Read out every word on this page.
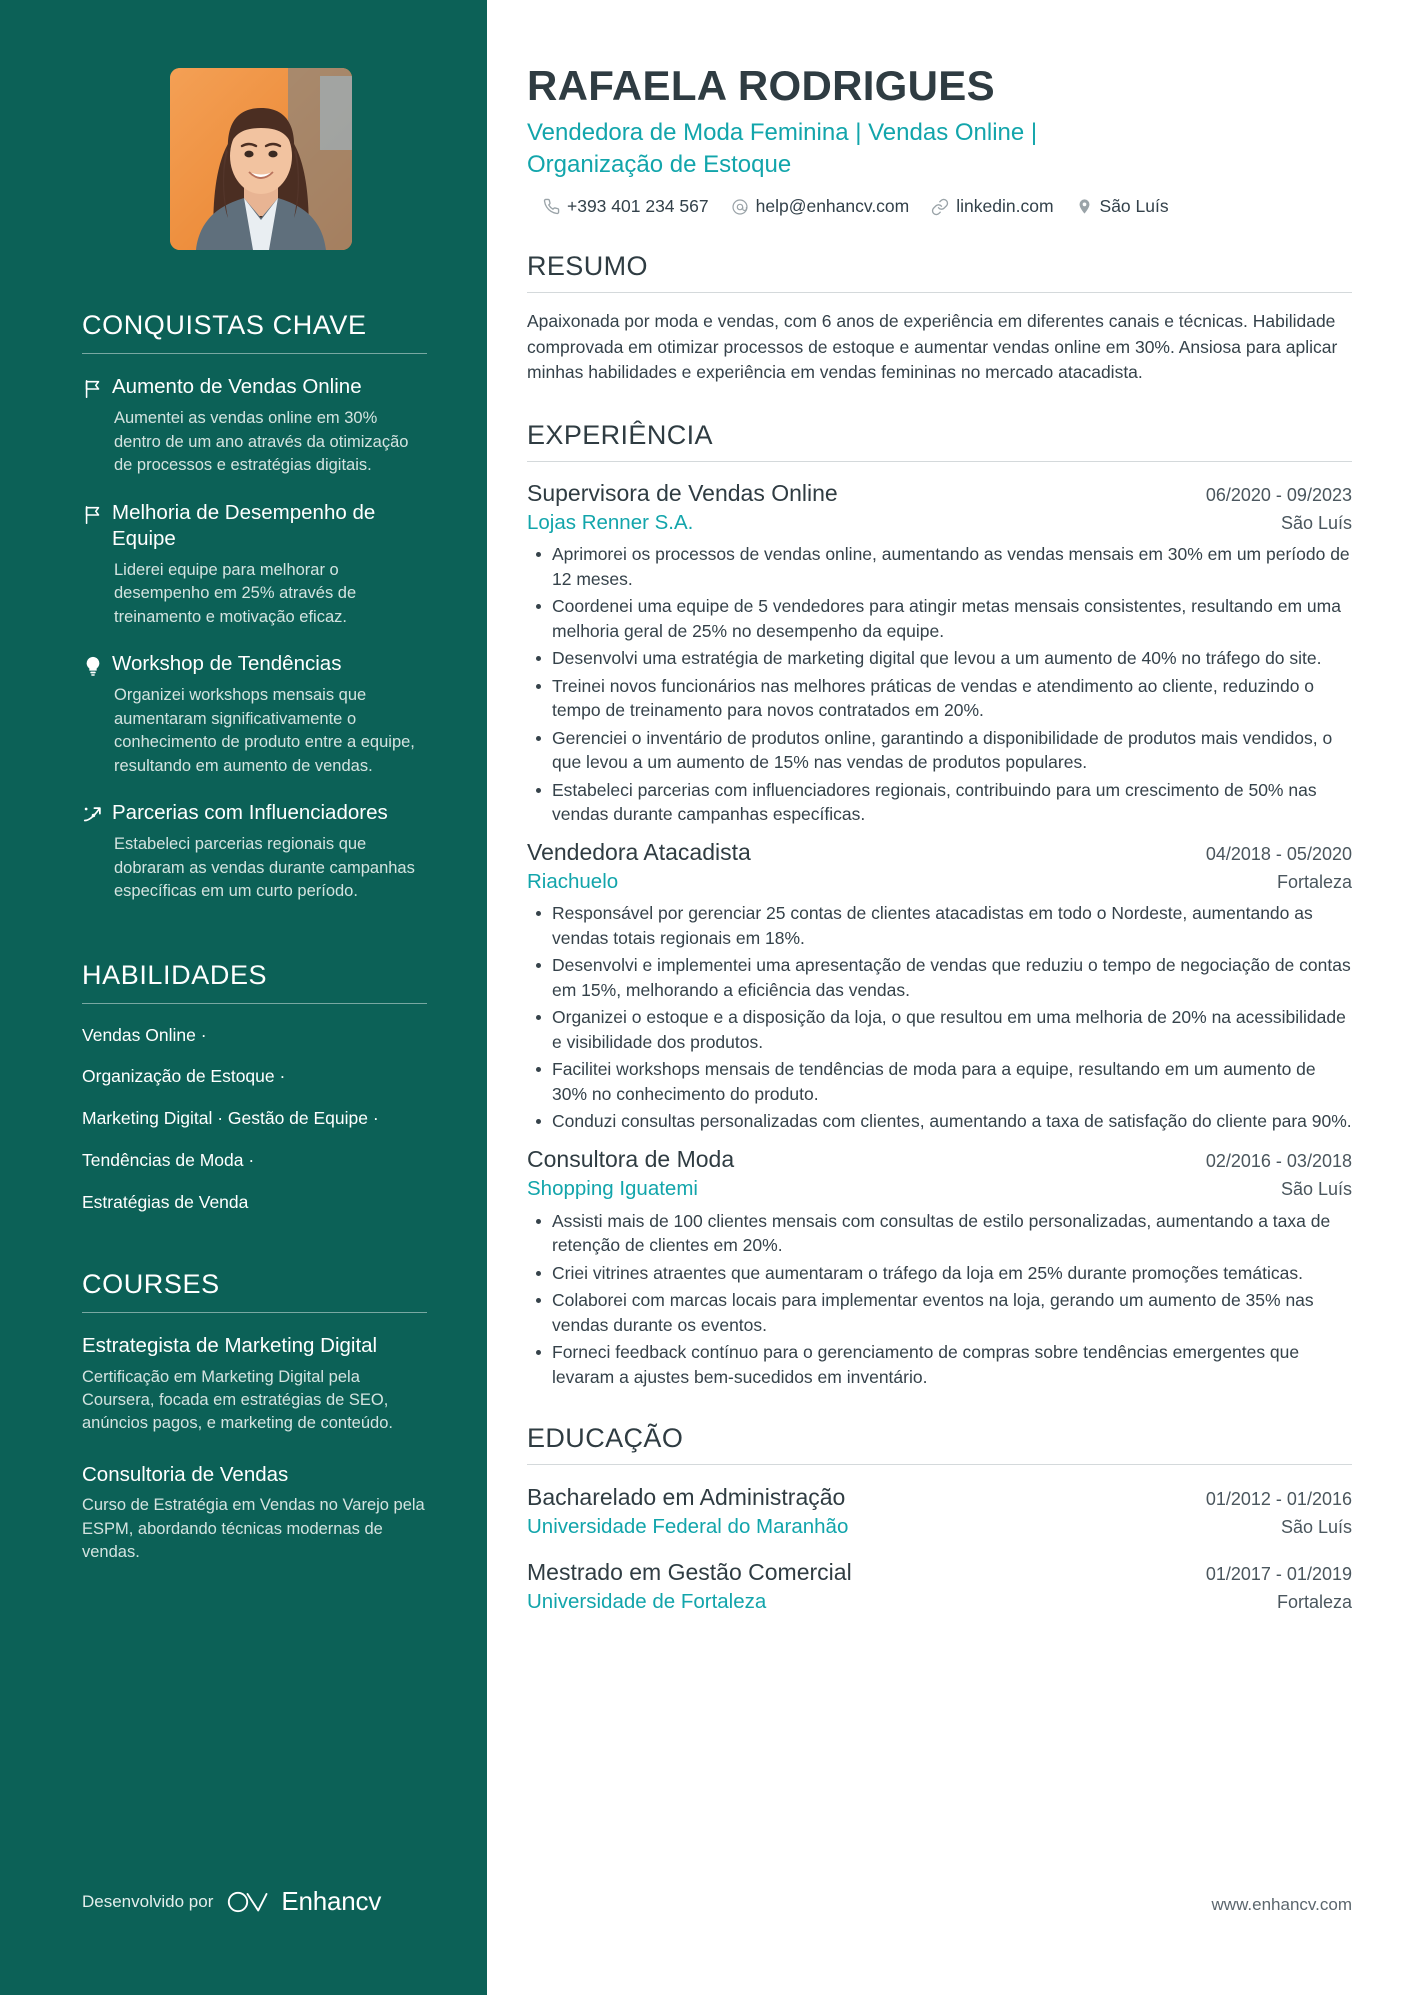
CONQUISTAS CHAVE
Aumento de Vendas Online
Aumentei as vendas online em 30% dentro de um ano através da otimização de processos e estratégias digitais.
Melhoria de Desempenho de Equipe
Liderei equipe para melhorar o desempenho em 25% através de treinamento e motivação eficaz.
Workshop de Tendências
Organizei workshops mensais que aumentaram significativamente o conhecimento de produto entre a equipe, resultando em aumento de vendas.
Parcerias com Influenciadores
Estabeleci parcerias regionais que dobraram as vendas durante campanhas específicas em um curto período.
HABILIDADES
Vendas Online ·
Organização de Estoque ·
Marketing Digital · Gestão de Equipe ·
Tendências de Moda ·
Estratégias de Venda
COURSES
Estrategista de Marketing Digital
Certificação em Marketing Digital pela Coursera, focada em estratégias de SEO, anúncios pagos, e marketing de conteúdo.
Consultoria de Vendas
Curso de Estratégia em Vendas no Varejo pela ESPM, abordando técnicas modernas de vendas.
Desenvolvido por	Enhancv
RAFAELA RODRIGUES
Vendedora de Moda Feminina | Vendas Online | Organização de Estoque
+393 401 234 567	help@enhancv.com	linkedin.com	São Luís
RESUMO

Apaixonada por moda e vendas, com 6 anos de experiência em diferentes canais e técnicas. Habilidade comprovada em otimizar processos de estoque e aumentar vendas online em 30%. Ansiosa para aplicar minhas habilidades e experiência em vendas femininas no mercado atacadista.

EXPERIÊNCIA
Supervisora de Vendas Online	06/2020 - 09/2023
Lojas Renner S.A.	São Luís
Aprimorei os processos de vendas online, aumentando as vendas mensais em 30% em um período de 12 meses.
Coordenei uma equipe de 5 vendedores para atingir metas mensais consistentes, resultando em uma melhoria geral de 25% no desempenho da equipe.
Desenvolvi uma estratégia de marketing digital que levou a um aumento de 40% no tráfego do site.
Treinei novos funcionários nas melhores práticas de vendas e atendimento ao cliente, reduzindo o tempo de treinamento para novos contratados em 20%.
Gerenciei o inventário de produtos online, garantindo a disponibilidade de produtos mais vendidos, o que levou a um aumento de 15% nas vendas de produtos populares.
Estabeleci parcerias com influenciadores regionais, contribuindo para um crescimento de 50% nas vendas durante campanhas específicas.
Vendedora Atacadista	04/2018 - 05/2020
Riachuelo	Fortaleza
Responsável por gerenciar 25 contas de clientes atacadistas em todo o Nordeste, aumentando as vendas totais regionais em 18%.
Desenvolvi e implementei uma apresentação de vendas que reduziu o tempo de negociação de contas em 15%, melhorando a eficiência das vendas.
Organizei o estoque e a disposição da loja, o que resultou em uma melhoria de 20% na acessibilidade e visibilidade dos produtos.
Facilitei workshops mensais de tendências de moda para a equipe, resultando em um aumento de 30% no conhecimento do produto.
Conduzi consultas personalizadas com clientes, aumentando a taxa de satisfação do cliente para 90%.
Consultora de Moda	02/2016 - 03/2018
Shopping Iguatemi	São Luís
Assisti mais de 100 clientes mensais com consultas de estilo personalizadas, aumentando a taxa de retenção de clientes em 20%.
Criei vitrines atraentes que aumentaram o tráfego da loja em 25% durante promoções temáticas.
Colaborei com marcas locais para implementar eventos na loja, gerando um aumento de 35% nas vendas durante os eventos.
Forneci feedback contínuo para o gerenciamento de compras sobre tendências emergentes que levaram a ajustes bem-sucedidos em inventário.
EDUCAÇÃO
Bacharelado em Administração	01/2012 - 01/2016
Universidade Federal do Maranhão	São Luís
Mestrado em Gestão Comercial	01/2017 - 01/2019
Universidade de Fortaleza	Fortaleza
www.enhancv.com
